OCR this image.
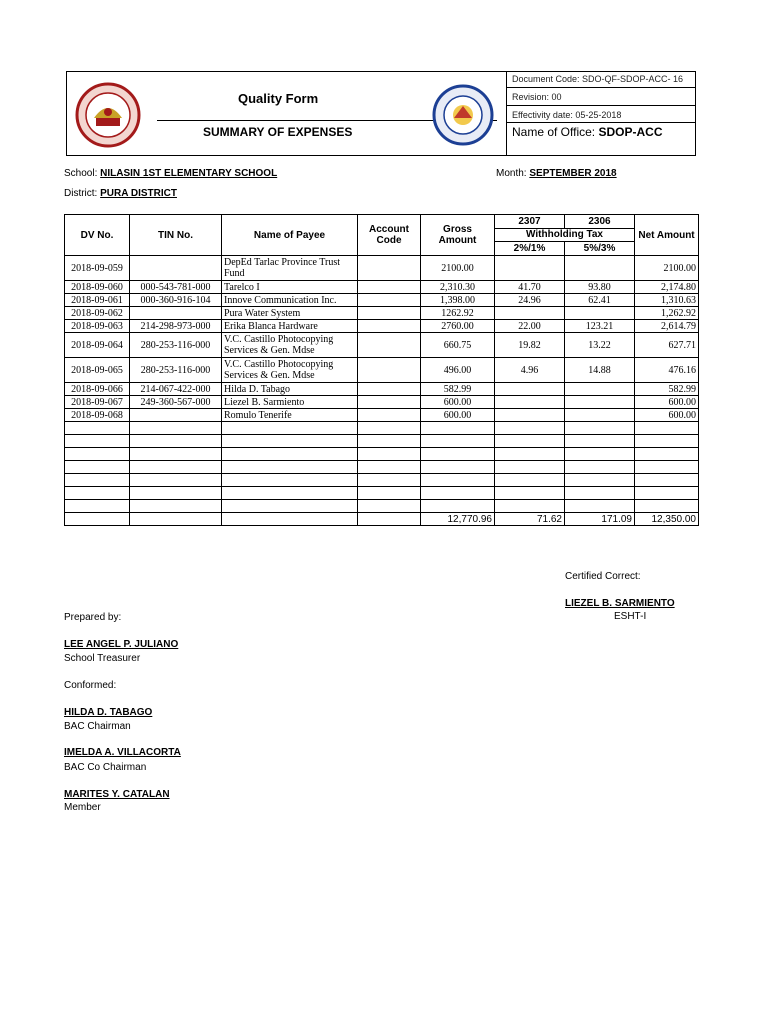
Quality Form
SUMMARY OF EXPENSES
Document Code: SDO-QF-SDOP-ACC- 16
Revision: 00
Effectivity date: 05-25-2018
Name of Office: SDOP-ACC
School: NILASIN 1ST ELEMENTARY SCHOOL	Month: SEPTEMBER 2018
District: PURA DISTRICT
DV No.	TIN No.	Name of Payee	Account Code	Gross Amount	2307	2306	Net Amount
					Withholding Tax		
					2%/1%	5%/3%	
2018-09-059		DepEd Tarlac Province Trust Fund		2100.00			2100.00
2018-09-060	000-543-781-000	Tarelco I		2,310.30	41.70	93.80	2,174.80
2018-09-061	000-360-916-104	Innove Communication Inc.		1,398.00	24.96	62.41	1,310.63
2018-09-062		Pura Water System		1262.92			1,262.92
2018-09-063	214-298-973-000	Erika Blanca Hardware		2760.00	22.00	123.21	2,614.79
2018-09-064	280-253-116-000	V.C. Castillo Photocopying Services & Gen. Mdse		660.75	19.82	13.22	627.71
2018-09-065	280-253-116-000	V.C. Castillo Photocopying Services & Gen. Mdse		496.00	4.96	14.88	476.16
2018-09-066	214-067-422-000	Hilda D. Tabago		582.99			582.99
2018-09-067	249-360-567-000	Liezel B. Sarmiento		600.00			600.00
2018-09-068		Romulo Tenerife		600.00			600.00

				12,770.96	71.62	171.09	12,350.00
Certified Correct:
LIEZEL B. SARMIENTO
ESHT-I
Prepared by:
LEE ANGEL P. JULIANO
School Treasurer
Conformed:
HILDA D. TABAGO
BAC Chairman
IMELDA A. VILLACORTA
BAC Co Chairman
MARITES Y. CATALAN
Member
